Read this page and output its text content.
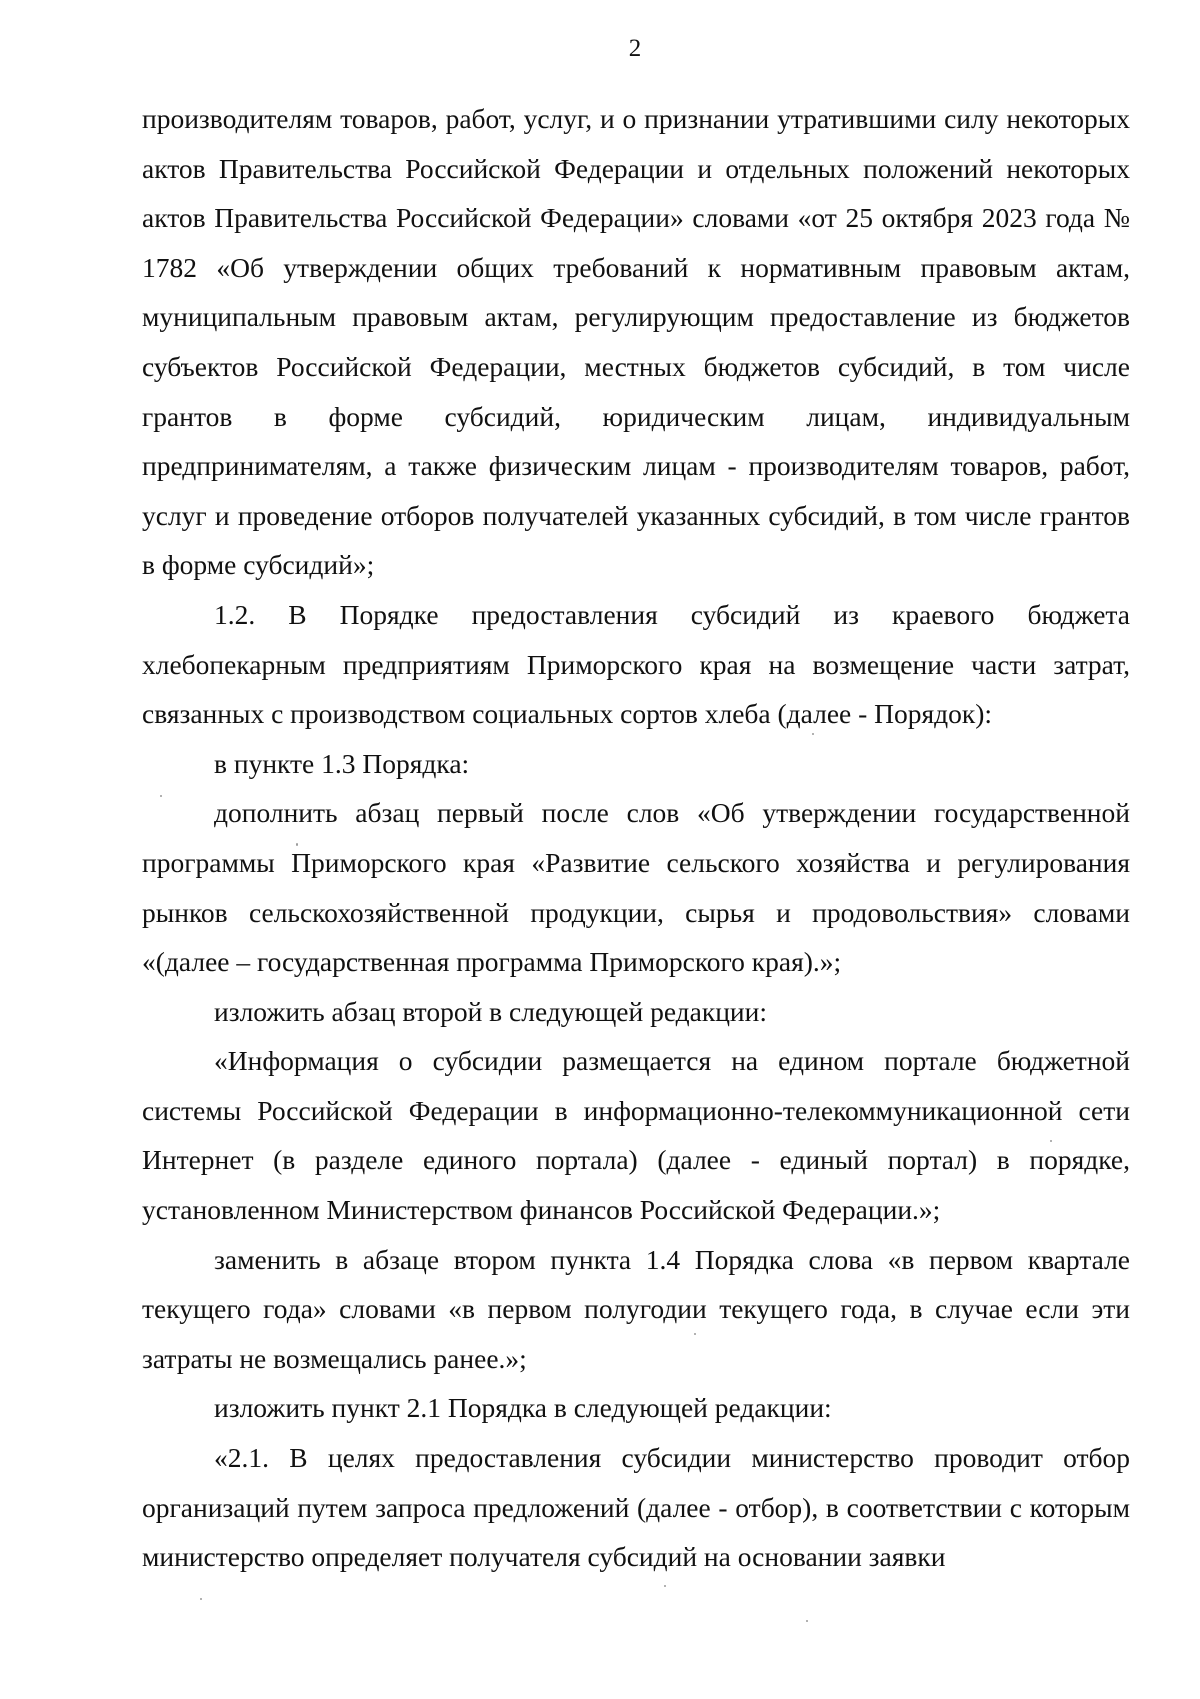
2

производителям товаров, работ, услуг, и о признании утратившими силу некоторых актов Правительства Российской Федерации и отдельных положений некоторых актов Правительства Российской Федерации» словами «от 25 октября 2023 года № 1782 «Об утверждении общих требований к нормативным правовым актам, муниципальным правовым актам, регулирующим предоставление из бюджетов субъектов Российской Федерации, местных бюджетов субсидий, в том числе грантов в форме субсидий, юридическим лицам, индивидуальным предпринимателям, а также физическим лицам - производителям товаров, работ, услуг и проведение отборов получателей указанных субсидий, в том числе грантов в форме субсидий»;

1.2. В Порядке предоставления субсидий из краевого бюджета хлебопекарным предприятиям Приморского края на возмещение части затрат, связанных с производством социальных сортов хлеба (далее - Порядок):

в пункте 1.3 Порядка:

дополнить абзац первый после слов «Об утверждении государственной программы Приморского края «Развитие сельского хозяйства и регулирования рынков сельскохозяйственной продукции, сырья и продовольствия» словами «(далее – государственная программа Приморского края).»;

изложить абзац второй в следующей редакции:

«Информация о субсидии размещается на едином портале бюджетной системы Российской Федерации в информационно-телекоммуникационной сети Интернет (в разделе единого портала) (далее - единый портал) в порядке, установленном Министерством финансов Российской Федерации.»;

заменить в абзаце втором пункта 1.4 Порядка слова «в первом квартале текущего года» словами «в первом полугодии текущего года, в случае если эти затраты не возмещались ранее.»;

изложить пункт 2.1 Порядка в следующей редакции:

«2.1. В целях предоставления субсидии министерство проводит отбор организаций путем запроса предложений (далее - отбор), в соответствии с которым министерство определяет получателя субсидий на основании заявки
